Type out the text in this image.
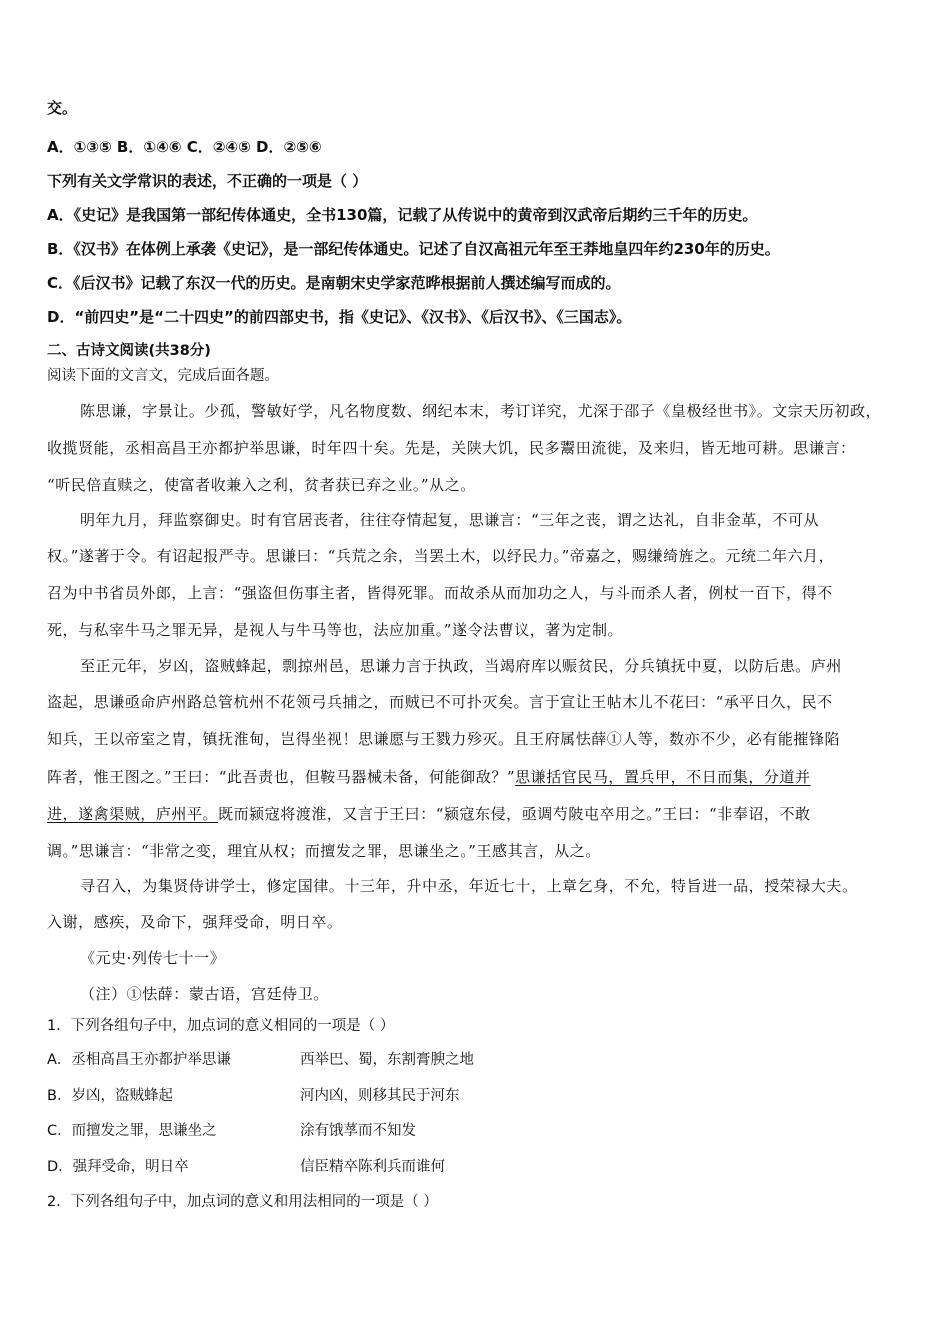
交。
A．①③⑤ B．①④⑥ C．②④⑤ D．②⑤⑥
下列有关文学常识的表述，不正确的一项是（ ）
A．《史记》是我国第一部纪传体通史，全书130篇，记载了从传说中的黄帝到汉武帝后期约三千年的历史。
B．《汉书》在体例上承袭《史记》，是一部纪传体通史。记述了自汉高祖元年至王莽地皇四年约230年的历史。
C．《后汉书》记载了东汉一代的历史。是南朝宋史学家范晔根据前人撰述编写而成的。
D．“前四史”是“二十四史”的前四部史书，指《史记》、《汉书》、《后汉书》、《三国志》。
二、古诗文阅读(共38分)
阅读下面的文言文，完成后面各题。
陈思谦，字景让。少孤，警敏好学，凡名物度数、纲纪本末，考订详究，尤深于邵子《皇极经世书》。文宗天历初政，
收揽贤能，丞相高昌王亦都护举思谦，时年四十矣。先是，关陕大饥，民多鬻田流徙，及来归，皆无地可耕。思谦言：
“听民倍直赎之，使富者收兼入之利，贫者获已弃之业。”从之。
明年九月，拜监察御史。时有官居丧者，往往夺情起复，思谦言：“三年之丧，谓之达礼，自非金革，不可从
权。”遂著于令。有诏起报严寺。思谦曰：“兵荒之余，当罢土木，以纾民力。”帝嘉之，赐缣绮旌之。元统二年六月，
召为中书省员外郎，上言：“强盗但伤事主者，皆得死罪。而故杀从而加功之人，与斗而杀人者，例杖一百下，得不
死，与私宰牛马之罪无异，是视人与牛马等也，法应加重。”遂令法曹议，著为定制。
至正元年，岁凶，盗贼蜂起，剽掠州邑，思谦力言于执政，当竭府库以赈贫民，分兵镇抚中夏，以防后患。庐州
盗起，思谦亟命庐州路总管杭州不花领弓兵捕之，而贼已不可扑灭矣。言于宣让王帖木儿不花曰：“承平日久，民不
知兵，王以帝室之胄，镇抚淮甸，岂得坐视！思谦愿与王戮力殄灭。且王府属怯薛①人等，数亦不少，必有能摧锋陷
阵者，惟王图之。”王曰：“此吾责也，但鞍马器械未备，何能御敌？”思谦括官民马，置兵甲，不日而集，分道并
进，遂禽渠贼，庐州平。既而颍寇将渡淮，又言于王曰：“颍寇东侵，亟调芍陂屯卒用之。”王曰：“非奉诏，不敢
调。”思谦言：“非常之变，理宜从权；而擅发之罪，思谦坐之。”王感其言，从之。
寻召入，为集贤侍讲学士，修定国律。十三年，升中丞，年近七十，上章乞身，不允，特旨进一品，授荣禄大夫。
入谢，感疾，及命下，强拜受命，明日卒。
《元史·列传七十一》
（注）①怯薛：蒙古语，宫廷侍卫。
1．下列各组句子中，加点词的意义相同的一项是（ ）
A．丞相高昌王亦都护举思谦	西举巴、蜀，东割膏腴之地
B．岁凶，盗贼蜂起	河内凶，则移其民于河东
C．而擅发之罪，思谦坐之	涂有饿莩而不知发
D．强拜受命，明日卒	信臣精卒陈利兵而谁何
2．下列各组句子中，加点词的意义和用法相同的一项是（ ）
